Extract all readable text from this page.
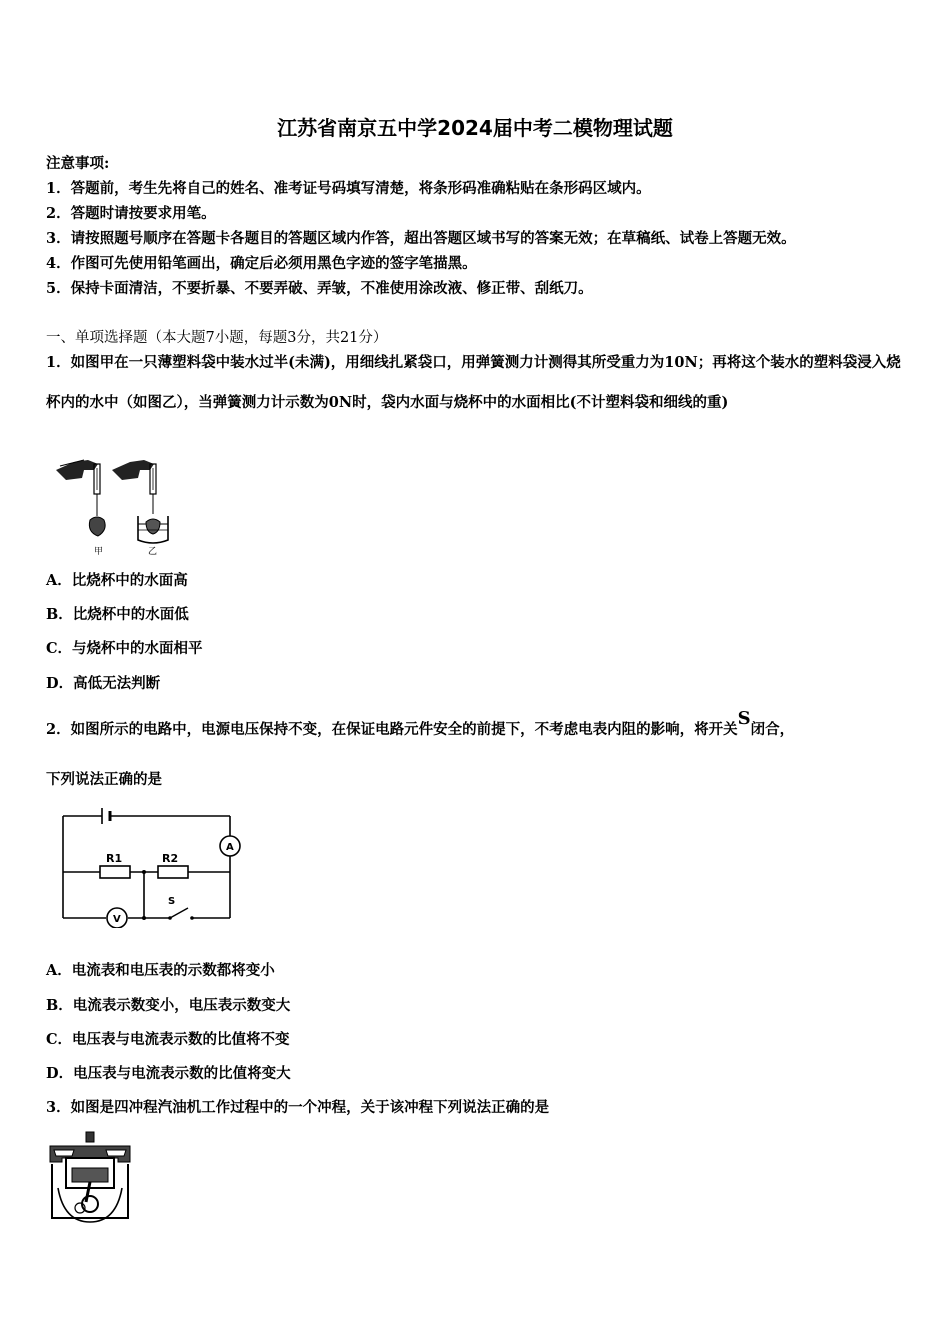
江苏省南京五中学2024届中考二模物理试题
注意事项:
1．答题前，考生先将自己的姓名、准考证号码填写清楚，将条形码准确粘贴在条形码区域内。
2．答题时请按要求用笔。
3．请按照题号顺序在答题卡各题目的答题区域内作答，超出答题区域书写的答案无效；在草稿纸、试卷上答题无效。
4．作图可先使用铅笔画出，确定后必须用黑色字迹的签字笔描黑。
5．保持卡面清洁，不要折暴、不要弄破、弄皱，不准使用涂改液、修正带、刮纸刀。
一、单项选择题（本大题7小题，每题3分，共21分）
1．如图甲在一只薄塑料袋中装水过半(未满)，用细线扎紧袋口，用弹簧测力计测得其所受重力为10N；再将这个装水的塑料袋浸入烧杯内的水中（如图乙），当弹簧测力计示数为0N时，袋内水面与烧杯中的水面相比(不计塑料袋和细线的重)
甲	乙
A．比烧杯中的水面高
B．比烧杯中的水面低
C．与烧杯中的水面相平
D．高低无法判断
2．如图所示的电路中，电源电压保持不变，在保证电路元件安全的前提下，不考虑电表内阻的影响，将开关S闭合，
下列说法正确的是
R1	R2
A
V
S
A．电流表和电压表的示数都将变小
B．电流表示数变小，电压表示数变大
C．电压表与电流表示数的比值将不变
D．电压表与电流表示数的比值将变大
3．如图是四冲程汽油机工作过程中的一个冲程，关于该冲程下列说法正确的是
